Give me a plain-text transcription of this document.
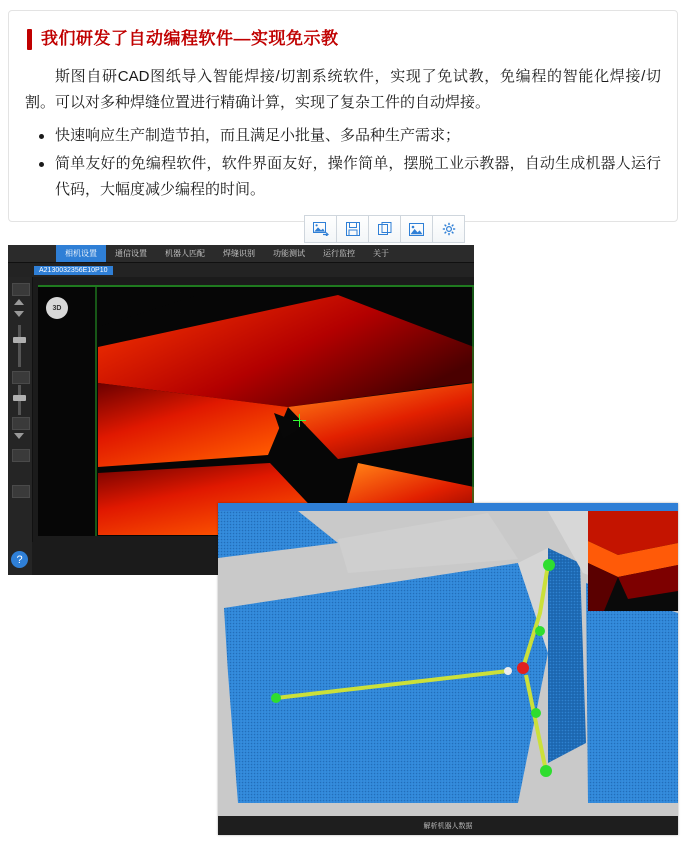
我们研发了自动编程软件—实现免示教

斯图自研CAD图纸导入智能焊接/切割系统软件，实现了免试教，免编程的智能化焊接/切割。可以对多种焊缝位置进行精确计算，实现了复杂工件的自动焊接。

快速响应生产制造节拍，而且满足小批量、多品种生产需求；
简单友好的免编程软件，软件界面友好，操作简单，摆脱工业示教器，自动生成机器人运行代码，大幅度减少编程的时间。
相机设置	通信设置	机器人匹配	焊缝识别	功能测试	运行监控	关于
A2130032356E10P10
?
3D
解析机器人数据
